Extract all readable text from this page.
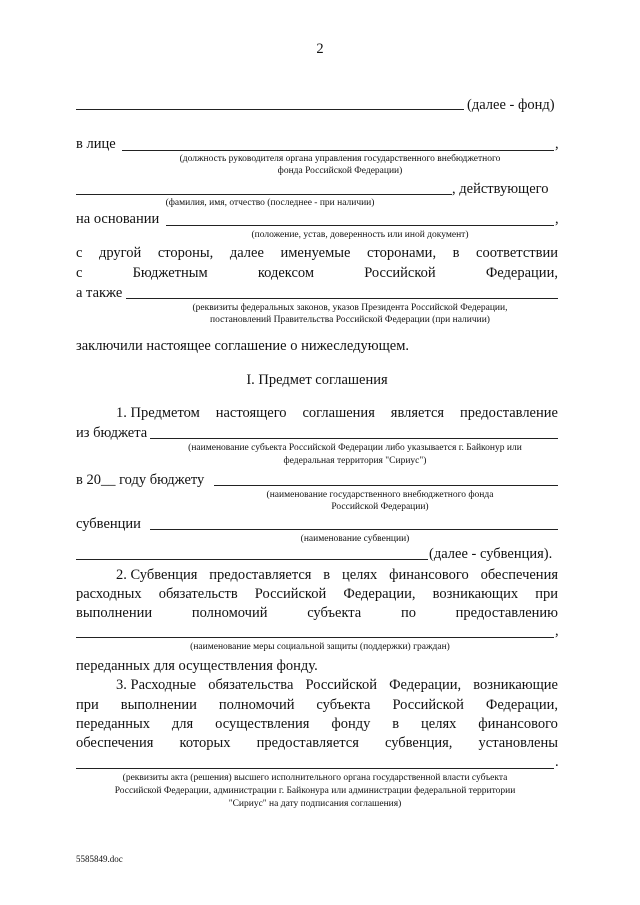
2
(далее - фонд)
в лице	,
(должность руководителя органа управления государственного внебюджетного
фонда Российской Федерации)
, действующего
(фамилия, имя, отчество (последнее - при наличии)
на основании	,
(положение, устав, доверенность или иной документ)
с другой стороны, далее именуемые сторонами, в соответствии
с	Бюджетным	кодексом	Российской	Федерации,
а также
(реквизиты федеральных законов, указов Президента Российской Федерации,
постановлений Правительства Российской Федерации (при наличии)
заключили настоящее соглашение о нижеследующем.
I. Предмет соглашения
1. Предметом настоящего соглашения является предоставление
из бюджета
(наименование субъекта Российской Федерации либо указывается г. Байконур или
федеральная территория "Сириус")
в 20__ году бюджету
(наименование государственного внебюджетного фонда
Российской Федерации)
субвенции
(наименование субвенции)
(далее - субвенция).
2. Субвенция предоставляется в целях финансового обеспечения
расходных обязательств Российской Федерации, возникающих при
выполнении	полномочий	субъекта	по	предоставлению
,
(наименование меры социальной защиты (поддержки) граждан)
переданных для осуществления фонду.
3. Расходные обязательства Российской Федерации, возникающие
при выполнении полномочий субъекта Российской Федерации,
переданных для осуществления фонду в целях финансового
обеспечения которых предоставляется субвенция, установлены
.
(реквизиты акта (решения) высшего исполнительного органа государственной власти субъекта
Российской Федерации, администрации г. Байконура или администрации федеральной территории
"Сириус" на дату подписания соглашения)
5585849.doc
